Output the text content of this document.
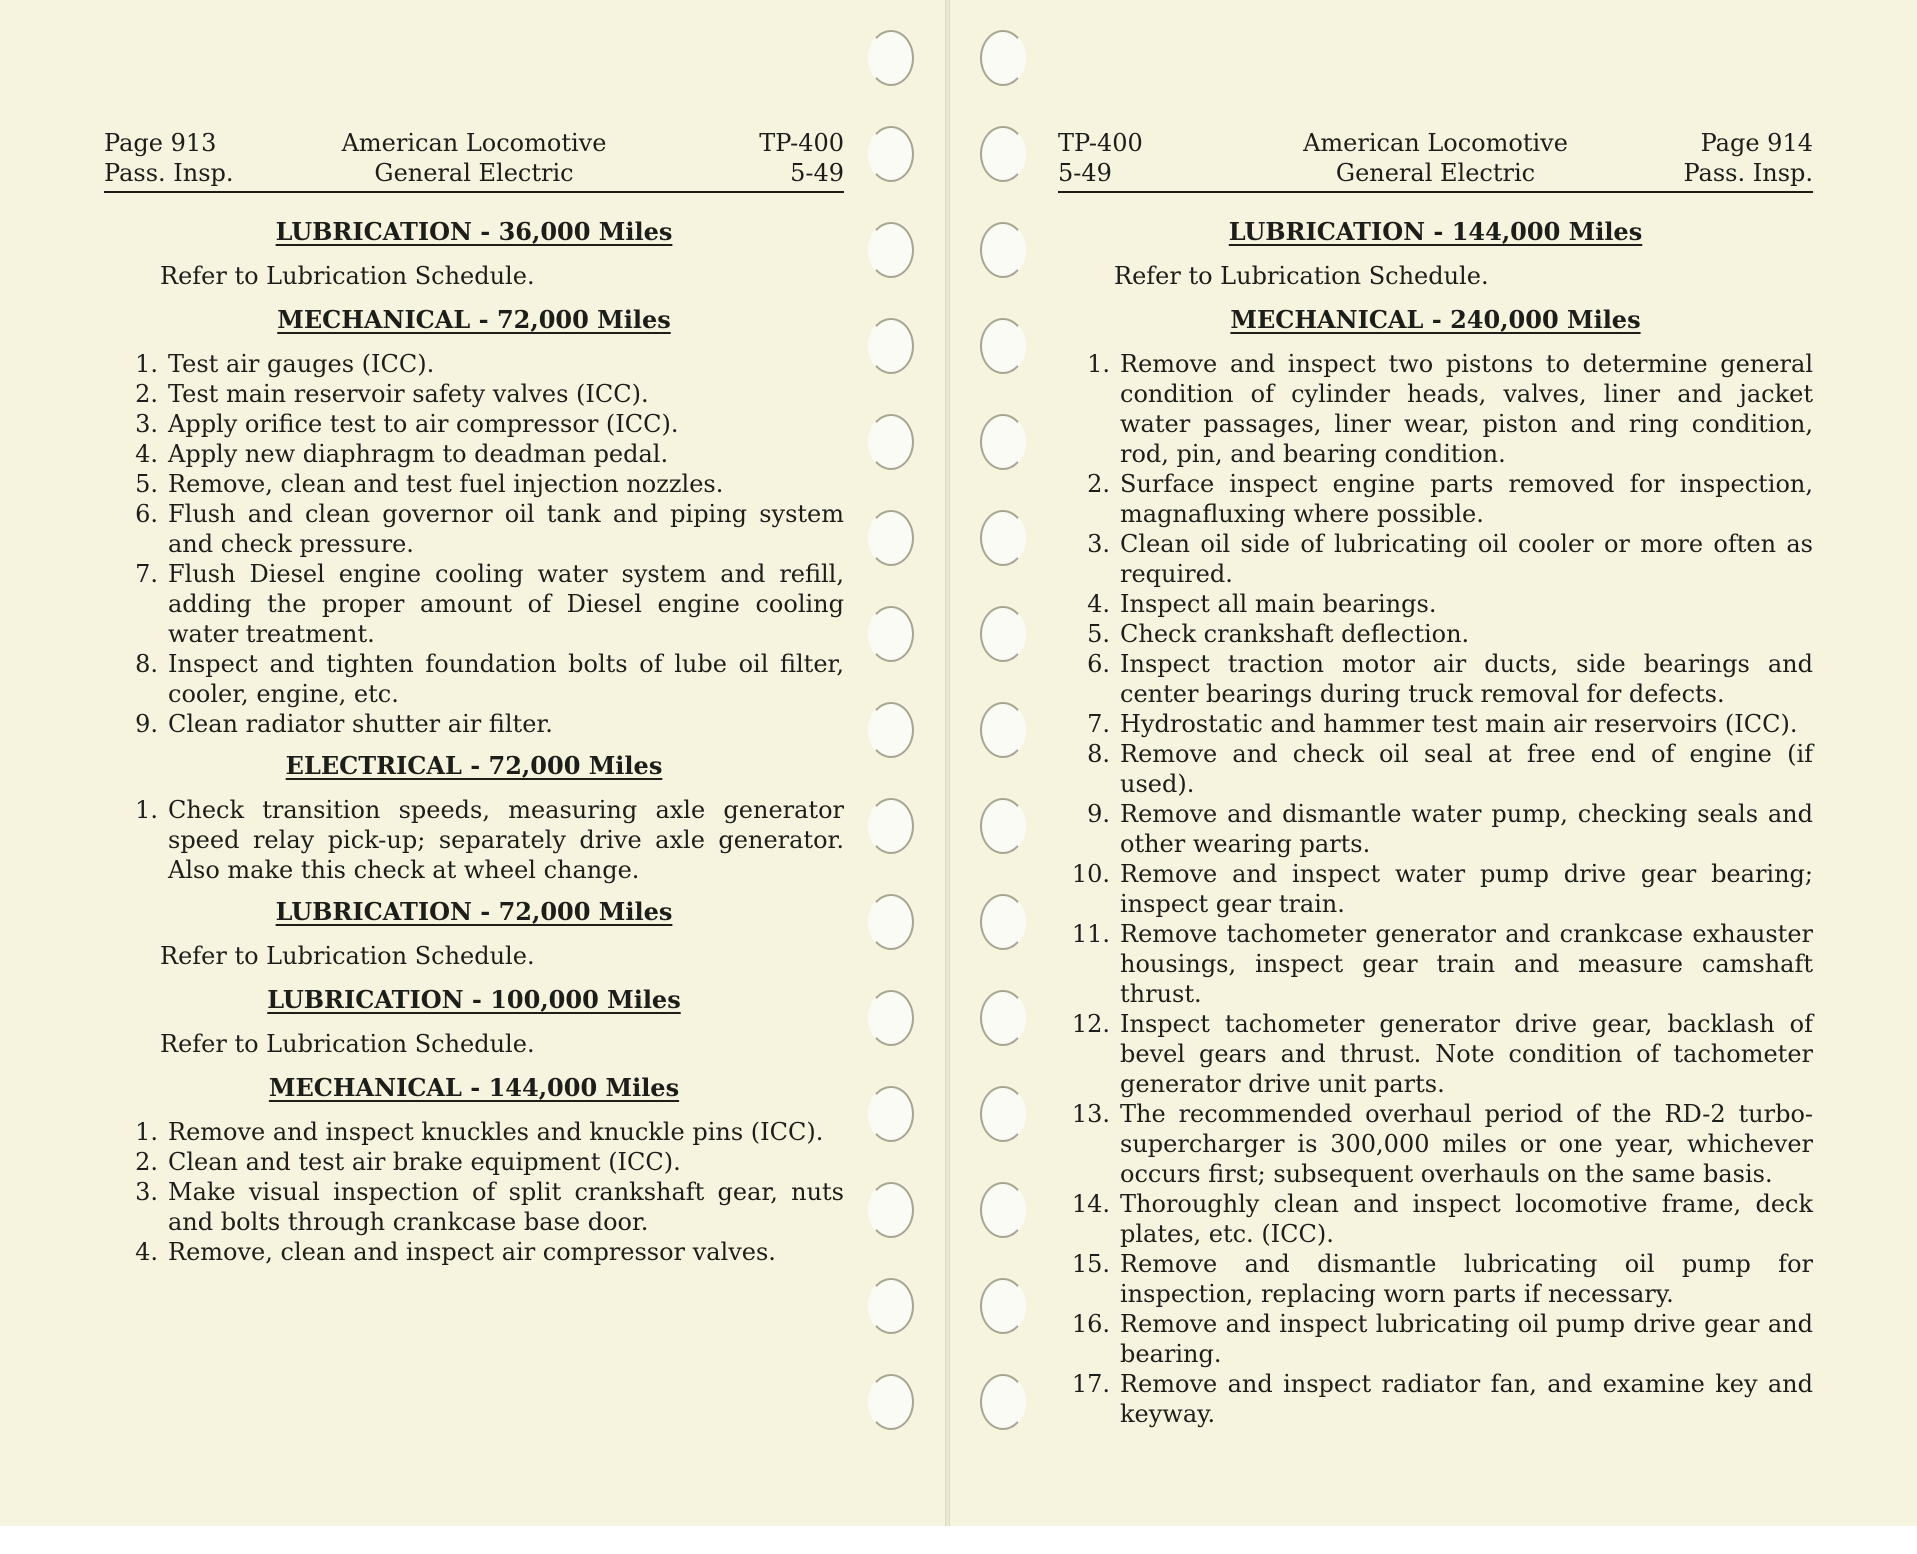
Page 913
Pass. Insp.
American Locomotive
General Electric
TP-400
5-49
LUBRICATION - 36,000 Miles
Refer to Lubrication Schedule.
MECHANICAL - 72,000 Miles
1. Test air gauges (ICC).
2. Test main reservoir safety valves (ICC).
3. Apply orifice test to air compressor (ICC).
4. Apply new diaphragm to deadman pedal.
5. Remove, clean and test fuel injection nozzles.
6. Flush and clean governor oil tank and piping system and check pressure.
7. Flush Diesel engine cooling water system and refill, adding the proper amount of Diesel engine cooling water treatment.
8. Inspect and tighten foundation bolts of lube oil filter, cooler, engine, etc.
9. Clean radiator shutter air filter.
ELECTRICAL - 72,000 Miles
1. Check transition speeds, measuring axle generator speed relay pick-up; separately drive axle generator. Also make this check at wheel change.
LUBRICATION - 72,000 Miles
Refer to Lubrication Schedule.
LUBRICATION - 100,000 Miles
Refer to Lubrication Schedule.
MECHANICAL - 144,000 Miles
1. Remove and inspect knuckles and knuckle pins (ICC).
2. Clean and test air brake equipment (ICC).
3. Make visual inspection of split crankshaft gear, nuts and bolts through crankcase base door.
4. Remove, clean and inspect air compressor valves.
TP-400
5-49
American Locomotive
General Electric
Page 914
Pass. Insp.
LUBRICATION - 144,000 Miles
Refer to Lubrication Schedule.
MECHANICAL - 240,000 Miles
1. Remove and inspect two pistons to determine general condition of cylinder heads, valves, liner and jacket water passages, liner wear, piston and ring condition, rod, pin, and bearing condition.
2. Surface inspect engine parts removed for inspection, magnafluxing where possible.
3. Clean oil side of lubricating oil cooler or more often as required.
4. Inspect all main bearings.
5. Check crankshaft deflection.
6. Inspect traction motor air ducts, side bearings and center bearings during truck removal for defects.
7. Hydrostatic and hammer test main air reservoirs (ICC).
8. Remove and check oil seal at free end of engine (if used).
9. Remove and dismantle water pump, checking seals and other wearing parts.
10. Remove and inspect water pump drive gear bearing; inspect gear train.
11. Remove tachometer generator and crankcase exhauster housings, inspect gear train and measure camshaft thrust.
12. Inspect tachometer generator drive gear, backlash of bevel gears and thrust. Note condition of tachometer generator drive unit parts.
13. The recommended overhaul period of the RD-2 turbo-supercharger is 300,000 miles or one year, whichever occurs first; subsequent overhauls on the same basis.
14. Thoroughly clean and inspect locomotive frame, deck plates, etc. (ICC).
15. Remove and dismantle lubricating oil pump for inspection, replacing worn parts if necessary.
16. Remove and inspect lubricating oil pump drive gear and bearing.
17. Remove and inspect radiator fan, and examine key and keyway.
